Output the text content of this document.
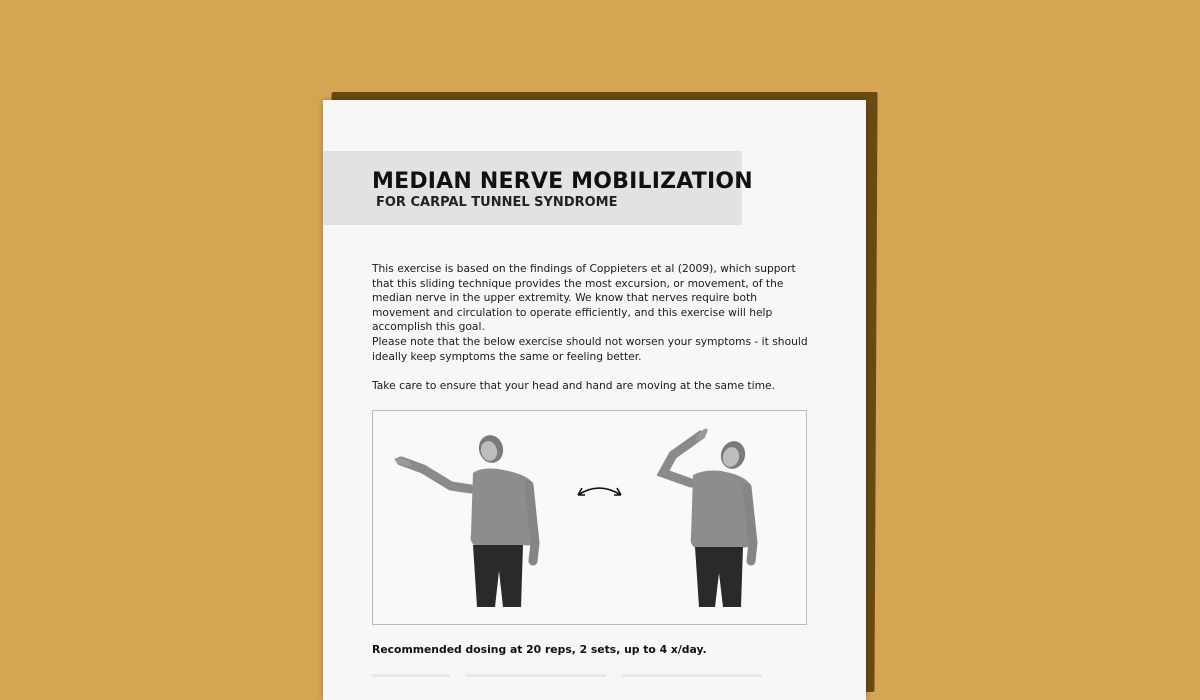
MEDIAN NERVE MOBILIZATION
FOR CARPAL TUNNEL SYNDROME

This exercise is based on the findings of Coppieters et al (2009), which support that this sliding technique provides the most excursion, or movement, of the median nerve in the upper extremity. We know that nerves require both movement and circulation to operate efficiently, and this exercise will help accomplish this goal.

Please note that the below exercise should not worsen your symptoms - it should ideally keep symptoms the same or feeling better.

Take care to ensure that your head and hand are moving at the same time.

Recommended dosing at 20 reps, 2 sets, up to 4 x/day.
